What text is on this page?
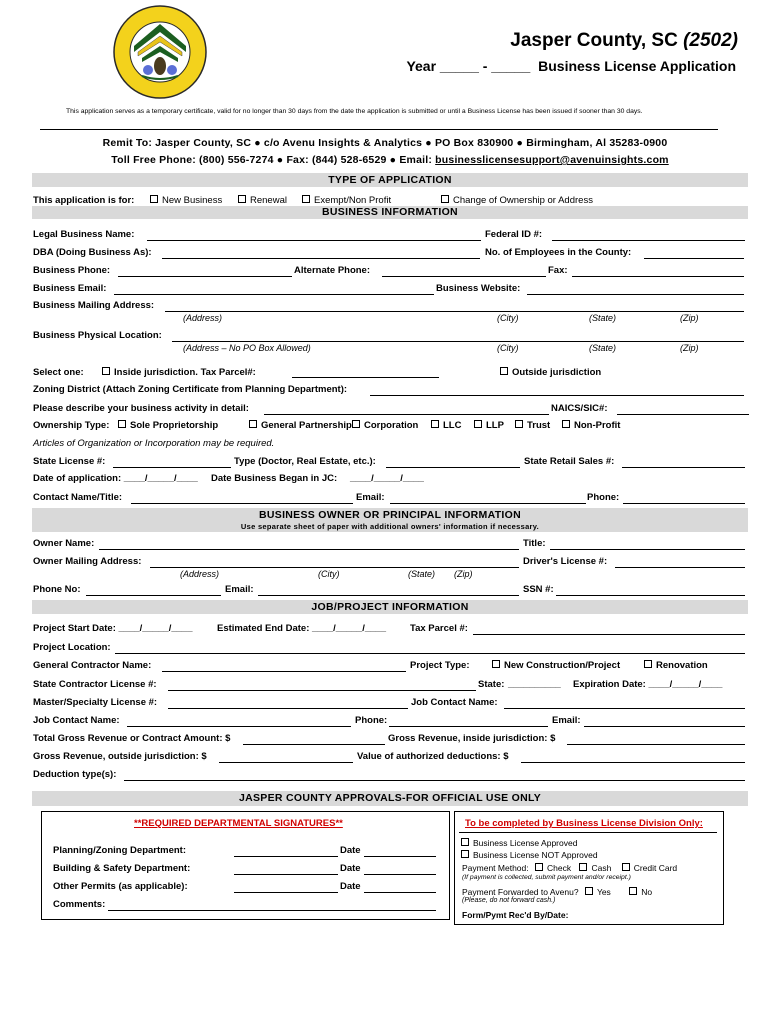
Jasper County, SC (2502)
Year _____ - _____ Business License Application
This application serves as a temporary certificate, valid for no longer than 30 days from the date the application is submitted or until a Business License has been issued if sooner than 30 days.
Remit To: Jasper County, SC ● c/o Avenu Insights & Analytics ● PO Box 830900 ● Birmingham, Al 35283-0900
Toll Free Phone: (800) 556-7274 ● Fax: (844) 528-6529 ● Email: businesslicensesupport@avenuinsights.com
TYPE OF APPLICATION
This application is for:	New Business	Renewal	Exempt/Non Profit	Change of Ownership or Address
BUSINESS INFORMATION
Legal Business Name:	Federal ID #:
DBA (Doing Business As):	No. of Employees in the County:
Business Phone:	Alternate Phone:	Fax:
Business Email:	Business Website:
Business Mailing Address:
(Address)	(City)	(State)	(Zip)
Business Physical Location:
(Address – No PO Box Allowed)	(City)	(State)	(Zip)
Select one:	Inside jurisdiction. Tax Parcel#:	Outside jurisdiction
Zoning District (Attach Zoning Certificate from Planning Department):
Please describe your business activity in detail:	NAICS/SIC#:
Ownership Type:	Sole Proprietorship	General Partnership	Corporation	LLC	LLP	Trust	Non-Profit
Articles of Organization or Incorporation may be required.
State License #:	Type (Doctor, Real Estate, etc.):	State Retail Sales #:
Date of application: ____/_____/____ Date Business Began in JC: ____/_____/____
Contact Name/Title:	Email:	Phone:
BUSINESS OWNER OR PRINCIPAL INFORMATION
Use separate sheet of paper with additional owners' information if necessary.
Owner Name:	Title:
Owner Mailing Address:	Driver's License #:
(Address)	(City)	(State) (Zip)
Phone No:	Email:	SSN #:
JOB/PROJECT INFORMATION
Project Start Date: ____/_____/____	Estimated End Date: ____/_____/____	Tax Parcel #:
Project Location:
General Contractor Name:	Project Type:	New Construction/Project	Renovation
State Contractor License #:	State: __________ Expiration Date: ____/_____/____
Master/Specialty License #:	Job Contact Name:
Job Contact Name:	Phone:	Email:
Total Gross Revenue or Contract Amount: $	Gross Revenue, inside jurisdiction: $
Gross Revenue, outside jurisdiction: $	Value of authorized deductions: $
Deduction type(s):
JASPER COUNTY APPROVALS-FOR OFFICIAL USE ONLY
**REQUIRED DEPARTMENTAL SIGNATURES**
Planning/Zoning Department:	Date
Building & Safety Department:	Date
Other Permits (as applicable):	Date
Comments:
To be completed by Business License Division Only:
Business License Approved
Business License NOT Approved
Payment Method: Check Cash	Credit Card
(If payment is collected, submit payment and/or receipt.)
Payment Forwarded to Avenu? Yes	No
(Please, do not forward cash.)
Form/Pymt Rec'd By/Date:
